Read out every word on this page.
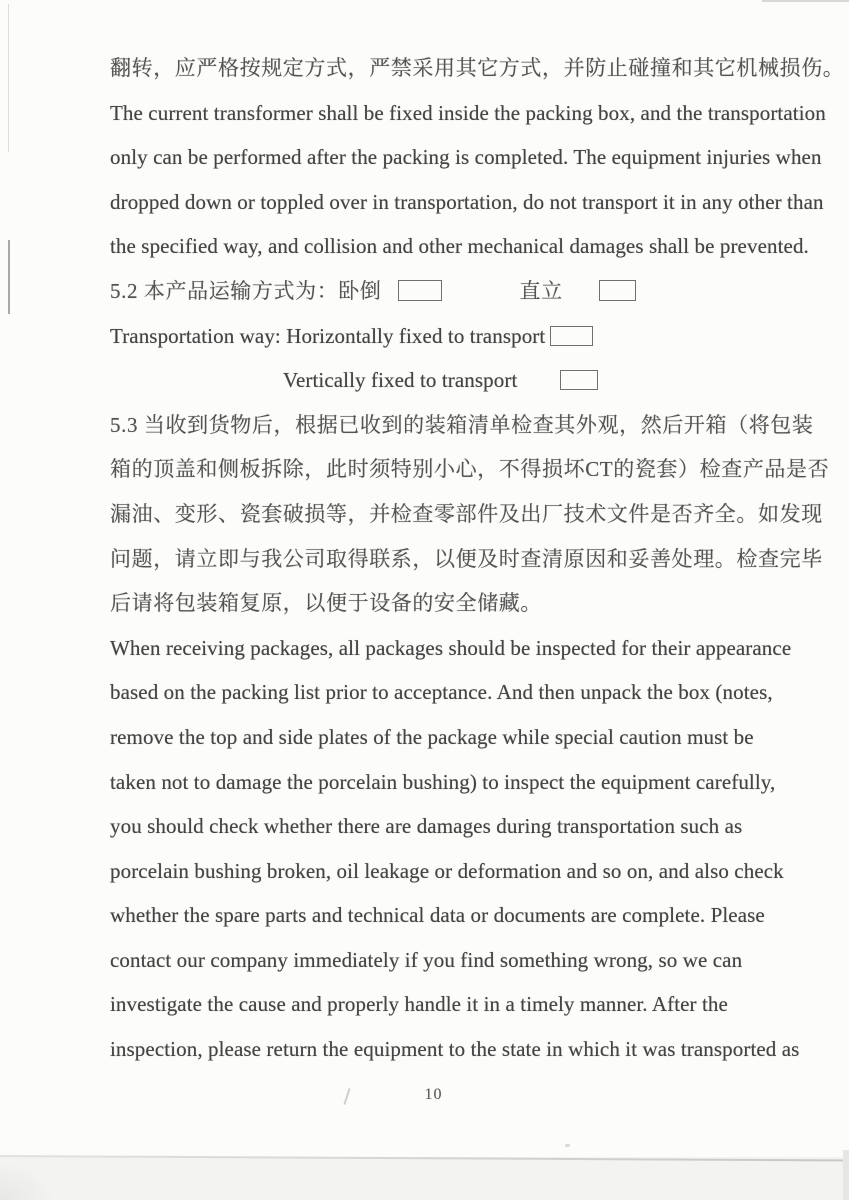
翻转，应严格按规定方式，严禁采用其它方式，并防止碰撞和其它机械损伤。
The current transformer shall be fixed inside the packing box, and the transportation
only can be performed after the packing is completed. The equipment injuries when
dropped down or toppled over in transportation, do not transport it in any other than
the specified way, and collision and other mechanical damages shall be prevented.
5.2 本产品运输方式为：卧倒	直立
Transportation way: Horizontally fixed to transport
Vertically fixed to transport
5.3 当收到货物后，根据已收到的装箱清单检查其外观，然后开箱（将包装
箱的顶盖和侧板拆除，此时须特别小心，不得损坏CT的瓷套）检查产品是否
漏油、变形、瓷套破损等，并检查零部件及出厂技术文件是否齐全。如发现
问题，请立即与我公司取得联系，以便及时查清原因和妥善处理。检查完毕
后请将包装箱复原，以便于设备的安全储藏。
When receiving packages, all packages should be inspected for their appearance
based on the packing list prior to acceptance. And then unpack the box (notes,
remove the top and side plates of the package while special caution must be
taken not to damage the porcelain bushing) to inspect the equipment carefully,
you should check whether there are damages during transportation such as
porcelain bushing broken, oil leakage or deformation and so on, and also check
whether the spare parts and technical data or documents are complete. Please
contact our company immediately if you find something wrong, so we can
investigate the cause and properly handle it in a timely manner. After the
inspection, please return the equipment to the state in which it was transported as
10
